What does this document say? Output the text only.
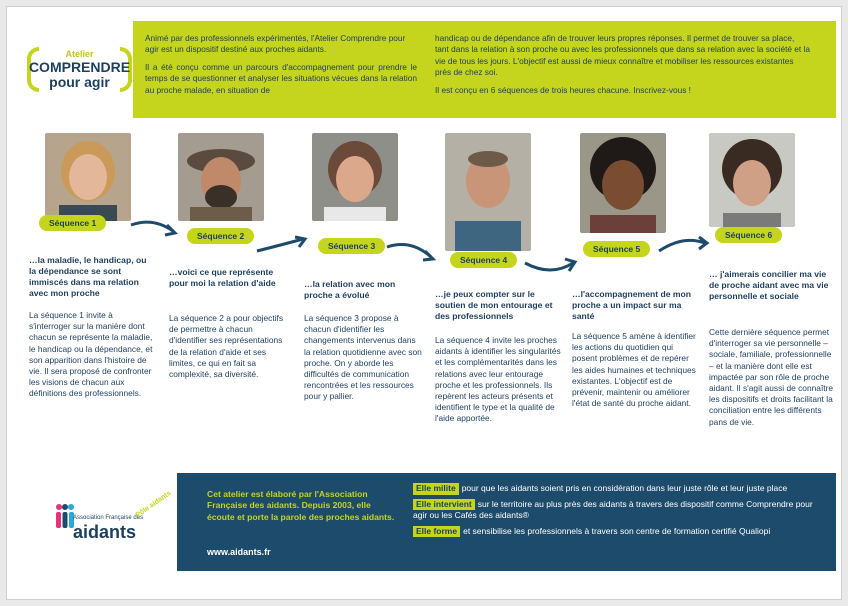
Atelier
COMPRENDRE
pour agir

Animé par des professionnels expérimentés, l'Atelier Comprendre pour agir est un dispositif destiné aux proches aidants.

Il a été conçu comme un parcours d'accompagnement pour prendre le temps de se questionner et analyser les situations vécues dans la relation au proche malade, en situation de

handicap ou de dépendance afin de trouver leurs propres réponses. Il permet de trouver sa place, tant dans la relation à son proche ou avec les professionnels que dans sa relation avec la société et la vie de tous les jours. L'objectif est aussi de mieux connaître et mobiliser les ressources existantes près de chez soi.

Il est conçu en 6 séquences de trois heures chacune. Inscrivez-vous !

Séquence 1
Séquence 2
Séquence 3
Séquence 4
Séquence 5
Séquence 6
…la maladie, le handicap, ou la dépendance se sont immiscés dans ma relation avec mon proche
…voici ce que représente pour moi la relation d'aide	…la relation avec mon proche a évolué	…je peux compter sur le soutien de mon entourage et des professionnels
…l'accompagnement de mon proche a un impact sur ma santé
… j'aimerais concilier ma vie de proche aidant avec ma vie personnelle et sociale
La séquence 1 invite à s'interroger sur la manière dont chacun se représente la maladie, le handicap ou la dépendance, et son apparition dans l'histoire de vie. Il sera proposé de confronter les visions de chacun aux définitions des professionnels.
La séquence 2 a pour objectifs de permettre à chacun d'identifier ses représentations de la relation d'aide et ses limites, ce qui en fait sa complexité, sa diversité.
La séquence 3 propose à chacun d'identifier les changements intervenus dans la relation quotidienne avec son proche. On y aborde les difficultés de communication rencontrées et les ressources pour y pallier.
La séquence 4 invite les proches aidants à identifier les singularités et les complémentarités dans les relations avec leur entourage proche et les professionnels. Ils repèrent les acteurs présents et identifient le type et la qualité de l'aide apportée.
La séquence 5 amène à identifier les actions du quotidien qui posent problèmes et de repérer les aides humaines et techniques existantes. L'objectif est de prévenir, maintenir ou améliorer l'état de santé du proche aidant.
Cette dernière séquence permet d'interroger sa vie personnelle – sociale, familiale, professionnelle – et la manière dont elle est impactée par son rôle de proche aidant. Il s'agit aussi de connaître les dispositifs et droits facilitant la conciliation entre les différents pans de vie.
Association Française des
aidants
Pôle aidants	Cet atelier est élaboré par l'Association Française des aidants. Depuis 2003, elle écoute et porte la parole des proches aidants.
www.aidants.fr
Elle milite pour que les aidants soient pris en considération dans leur juste rôle et leur juste place
Elle intervient sur le territoire au plus près des aidants à travers des dispositif comme Comprendre pour agir ou les Cafés des aidants®
Elle forme et sensibilise les professionnels à travers son centre de formation certifié Qualiopi
